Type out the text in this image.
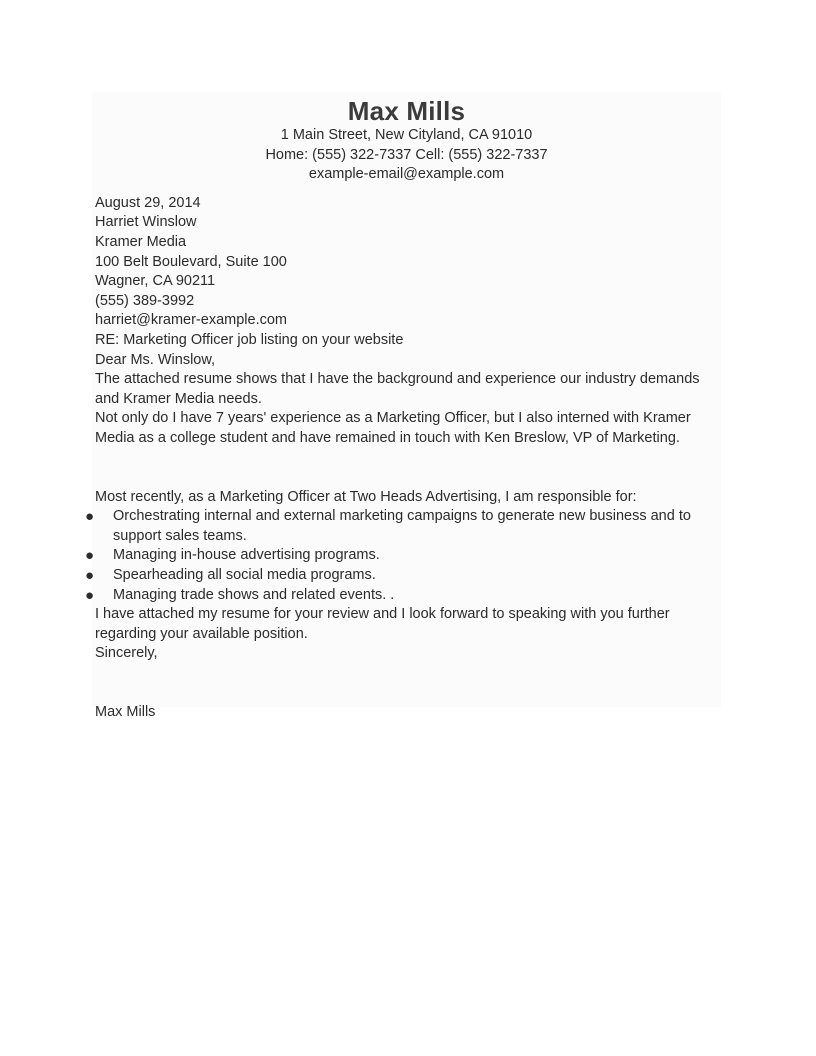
Max Mills
1 Main Street, New Cityland, CA 91010
Home: (555) 322-7337 Cell: (555) 322-7337
example-email@example.com
August 29, 2014
Harriet Winslow
Kramer Media
100 Belt Boulevard, Suite 100
Wagner, CA 90211
(555) 389-3992
harriet@kramer-example.com
RE: Marketing Officer job listing on your website
Dear Ms. Winslow,

The attached resume shows that I have the background and experience our industry demands and Kramer Media needs.

Not only do I have 7 years' experience as a Marketing Officer, but I also interned with Kramer Media as a college student and have remained in touch with Ken Breslow, VP of Marketing.

Most recently, as a Marketing Officer at Two Heads Advertising, I am responsible for:

● Orchestrating internal and external marketing campaigns to generate new business and to support sales teams.
● Managing in-house advertising programs.
● Spearheading all social media programs.
● Managing trade shows and related events. .

I have attached my resume for your review and I look forward to speaking with you further regarding your available position.

Sincerely,
Max Mills
